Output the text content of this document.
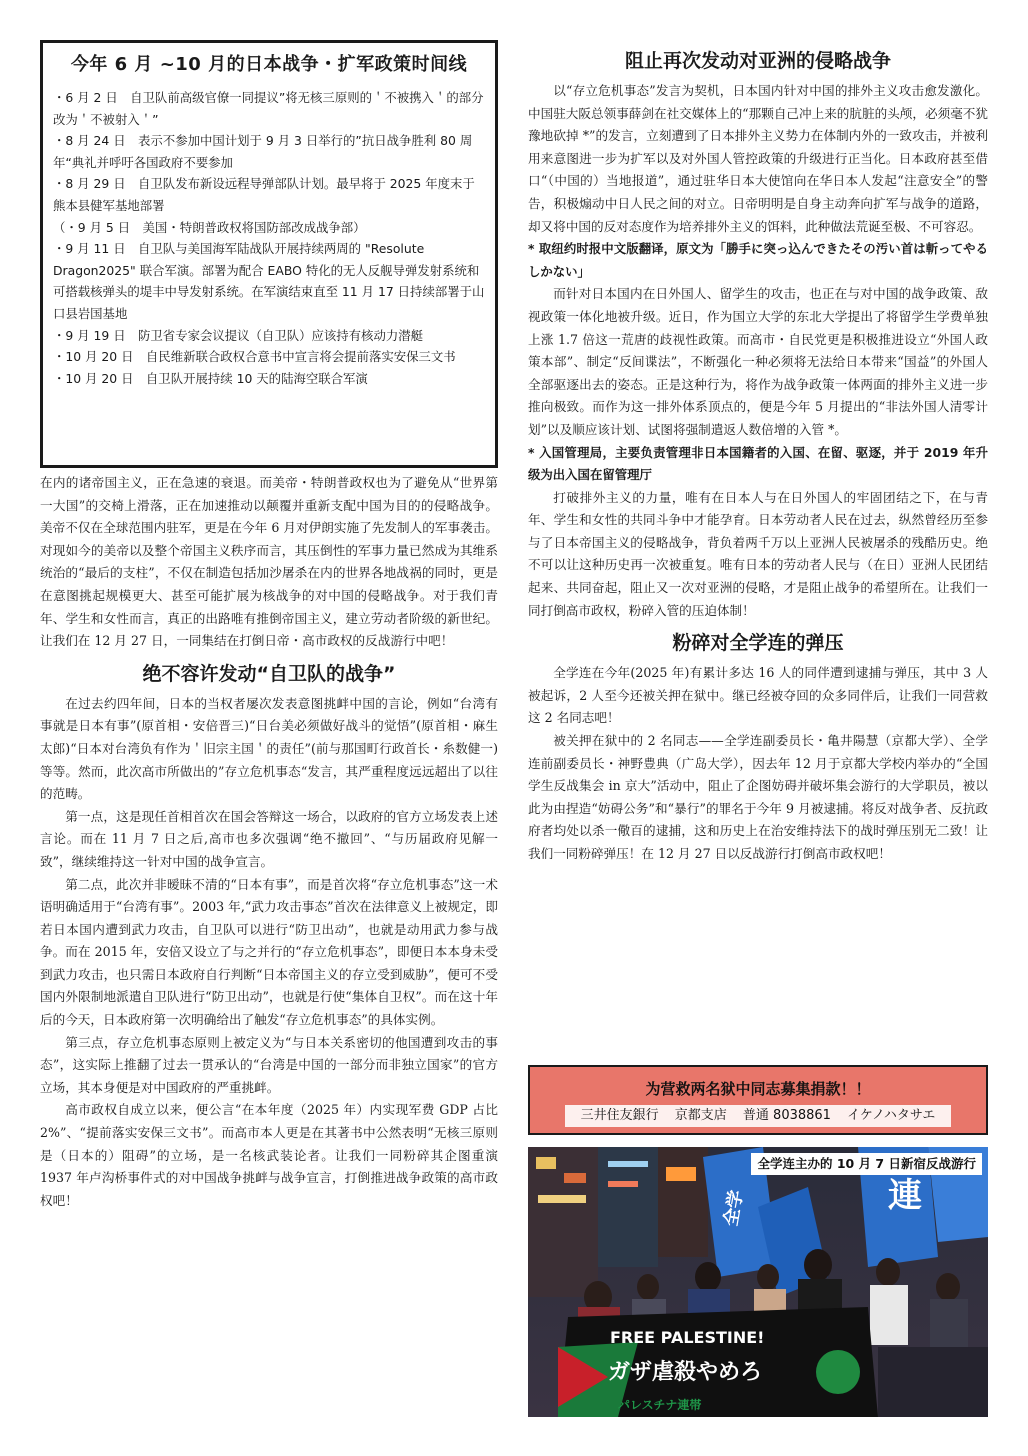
今年 6 月 ~10 月的日本战争・扩军政策时间线
・6 月 2 日　自卫队前高级官僚一同提议”将无核三原则的＇不被携入＇的部分改为＇不被射入＇”
・8 月 24 日　表示不参加中国计划于 9 月 3 日举行的”抗日战争胜利 80 周年“典礼并呼吁各国政府不要参加
・8 月 29 日　自卫队发布新设远程导弹部队计划。最早将于 2025 年度末于熊本县健军基地部署
（・9 月 5 日　美国・特朗普政权将国防部改成战争部）
・9 月 11 日　自卫队与美国海军陆战队开展持续两周的 "Resolute Dragon2025" 联合军演。部署为配合 EABO 特化的无人反舰导弹发射系统和可搭载核弹头的堤丰中导发射系统。在军演结束直至 11 月 17 日持续部署于山口县岩国基地
・9 月 19 日　防卫省专家会议提议（自卫队）应该持有核动力潜艇
・10 月 20 日　自民维新联合政权合意书中宣言将会提前落实安保三文书
・10 月 20 日　自卫队开展持续 10 天的陆海空联合军演

在内的诸帝国主义，正在急速的衰退。而美帝・特朗普政权也为了避免从“世界第一大国”的交椅上滑落，正在加速推动以颠覆并重新支配中国为目的的侵略战争。美帝不仅在全球范围内驻军，更是在今年 6 月对伊朗实施了先发制人的军事袭击。对现如今的美帝以及整个帝国主义秩序而言，其压倒性的军事力量已然成为其维系统治的“最后的支柱”，不仅在制造包括加沙屠杀在内的世界各地战祸的同时，更是在意图挑起规模更大、甚至可能扩展为核战争的对中国的侵略战争。对于我们青年、学生和女性而言，真正的出路唯有推倒帝国主义，建立劳动者阶级的新世纪。让我们在 12 月 27 日，一同集结在打倒日帝・高市政权的反战游行中吧！

绝不容许发动“自卫队的战争”

在过去约四年间，日本的当权者屡次发表意图挑衅中国的言论，例如“台湾有事就是日本有事”(原首相・安倍晋三)“日台美必须做好战斗的觉悟”(原首相・麻生太郎)“日本对台湾负有作为＇旧宗主国＇的责任”(前与那国町行政首长・糸数健一) 等等。然而，此次高市所做出的”存立危机事态“发言，其严重程度远远超出了以往的范畴。

第一点，这是现任首相首次在国会答辩这一场合，以政府的官方立场发表上述言论。而在 11 月 7 日之后,高市也多次强调“绝不撤回”、“与历届政府见解一致”，继续维持这一针对中国的战争宣言。

第二点，此次并非暧昧不清的“日本有事”，而是首次将“存立危机事态”这一术语明确适用于“台湾有事”。2003 年,“武力攻击事态”首次在法律意义上被规定，即若日本国内遭到武力攻击，自卫队可以进行“防卫出动”，也就是动用武力参与战争。而在 2015 年，安倍又设立了与之并行的“存立危机事态”，即便日本本身未受到武力攻击，也只需日本政府自行判断“日本帝国主义的存立受到威胁”，便可不受国内外限制地派遣自卫队进行“防卫出动”，也就是行使“集体自卫权”。而在这十年后的今天，日本政府第一次明确给出了触发“存立危机事态”的具体实例。

第三点，存立危机事态原则上被定义为“与日本关系密切的他国遭到攻击的事态”，这实际上推翻了过去一贯承认的“台湾是中国的一部分而非独立国家”的官方立场，其本身便是对中国政府的严重挑衅。

高市政权自成立以来，便公言“在本年度（2025 年）内实现军费 GDP 占比 2%”、“提前落实安保三文书”。而高市本人更是在其著书中公然表明“无核三原则是（日本的）阻碍”的立场，是一名核武装论者。让我们一同粉碎其企图重演 1937 年卢沟桥事件式的对中国战争挑衅与战争宣言，打倒推进战争政策的高市政权吧！

阻止再次发动对亚洲的侵略战争

以“存立危机事态”发言为契机，日本国内针对中国的排外主义攻击愈发激化。中国驻大阪总领事薛剑在社交媒体上的“那颗自己冲上来的肮脏的头颅，必须毫不犹豫地砍掉 *”的发言，立刻遭到了日本排外主义势力在体制内外的一致攻击，并被利用来意图进一步为扩军以及对外国人管控政策的升级进行正当化。日本政府甚至借口“（中国的）当地报道”，通过驻华日本大使馆向在华日本人发起“注意安全”的警告，积极煽动中日人民之间的对立。日帝明明是自身主动奔向扩军与战争的道路，却又将中国的反对态度作为培养排外主义的饵料，此种做法荒诞至极、不可容忍。

* 取纽约时报中文版翻译，原文为「勝手に突っ込んできたその汚い首は斬ってやるしかない」

而针对日本国内在日外国人、留学生的攻击，也正在与对中国的战争政策、敌视政策一体化地被升级。近日，作为国立大学的东北大学提出了将留学生学费单独上涨 1.7 倍这一荒唐的歧视性政策。而高市・自民党更是积极推进设立“外国人政策本部”、制定“反间谍法”，不断强化一种必须将无法给日本带来“国益”的外国人全部驱逐出去的姿态。正是这种行为，将作为战争政策一体两面的排外主义进一步推向极致。而作为这一排外体系顶点的，便是今年 5 月提出的“非法外国人清零计划”以及顺应该计划、试图将强制遣返人数倍增的入管 *。

* 入国管理局，主要负责管理非日本国籍者的入国、在留、驱逐，并于 2019 年升级为出入国在留管理厅

打破排外主义的力量，唯有在日本人与在日外国人的牢固团结之下，在与青年、学生和女性的共同斗争中才能孕育。日本劳动者人民在过去，纵然曾经历至参与了日本帝国主义的侵略战争，背负着两千万以上亚洲人民被屠杀的残酷历史。绝不可以让这种历史再一次被重复。唯有日本的劳动者人民与（在日）亚洲人民团结起来、共同奋起，阻止又一次对亚洲的侵略，才是阻止战争的希望所在。让我们一同打倒高市政权，粉碎入管的压迫体制！

粉碎对全学连的弹压

全学连在今年(2025 年)有累计多达 16 人的同伴遭到逮捕与弹压，其中 3 人被起诉，2 人至今还被关押在狱中。继已经被夺回的众多同伴后，让我们一同营救这 2 名同志吧！

被关押在狱中的 2 名同志——全学连副委员长・亀井陽慧（京都大学）、全学连前副委员长・神野豊典（广岛大学），因去年 12 月于京都大学校内举办的“全国学生反战集会 in 京大”活动中，阻止了企图妨碍并破坏集会游行的大学职员，被以此为由捏造“妨碍公务”和“暴行”的罪名于今年 9 月被逮捕。将反对战争者、反抗政府者均处以杀一儆百的逮捕，这和历史上在治安维持法下的战时弹压别无二致！让我们一同粉碎弹压！在 12 月 27 日以反战游行打倒高市政权吧！

为营救两名狱中同志募集捐款！！
三井住友銀行 京都支店 普通 8038861 イケノハタサエ
連
全学
FREE PALESTINE!
ガザ虐殺やめろ
パレスチナ連帯
全学连主办的 10 月 7 日新宿反战游行
